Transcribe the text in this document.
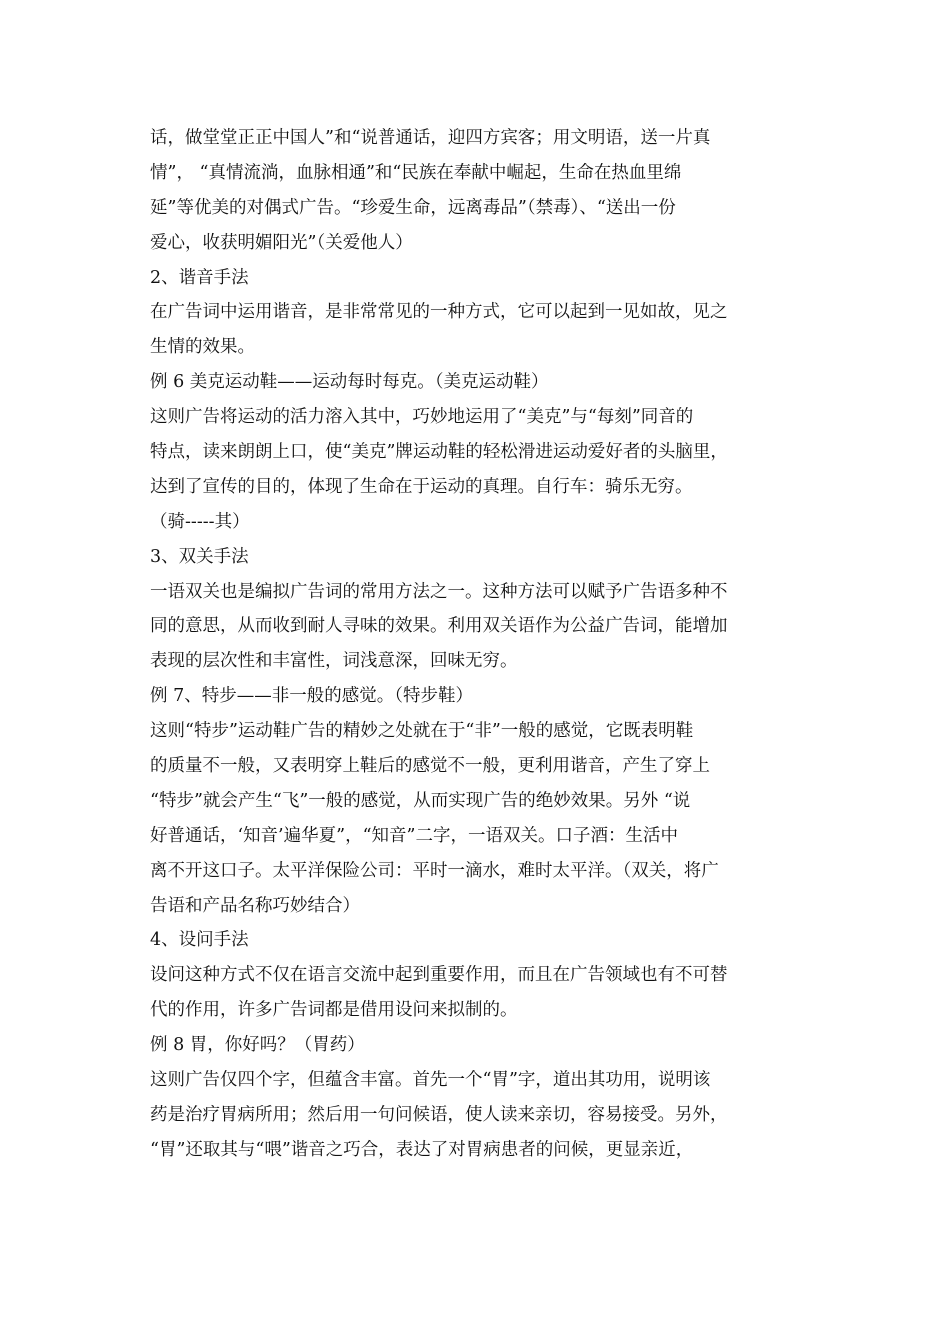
话，做堂堂正正中国人”和“说普通话，迎四方宾客；用文明语，送一片真
情”， “真情流淌，血脉相通”和“民族在奉献中崛起，生命在热血里绵
延”等优美的对偶式广告。“珍爱生命，远离毒品”（禁毒）、“送出一份
爱心，收获明媚阳光”（关爱他人）
2、谐音手法
在广告词中运用谐音，是非常常见的一种方式，它可以起到一见如故，见之
生情的效果。
例 6 美克运动鞋——运动每时每克。（美克运动鞋）
这则广告将运动的活力溶入其中，巧妙地运用了“美克”与“每刻”同音的
特点，读来朗朗上口，使“美克”牌运动鞋的轻松滑进运动爱好者的头脑里，
达到了宣传的目的，体现了生命在于运动的真理。自行车：骑乐无穷。
（骑-----其）
3、双关手法
一语双关也是编拟广告词的常用方法之一。这种方法可以赋予广告语多种不
同的意思，从而收到耐人寻味的效果。利用双关语作为公益广告词，能增加
表现的层次性和丰富性，词浅意深，回味无穷。
例 7、特步——非一般的感觉。（特步鞋）
这则“特步”运动鞋广告的精妙之处就在于“非”一般的感觉，它既表明鞋
的质量不一般，又表明穿上鞋后的感觉不一般，更利用谐音，产生了穿上
“特步”就会产生“飞”一般的感觉，从而实现广告的绝妙效果。另外 “说
好普通话，‘知音’遍华夏”，“知音”二字，一语双关。口子酒：生活中
离不开这口子。太平洋保险公司：平时一滴水，难时太平洋。（双关，将广
告语和产品名称巧妙结合）
4、设问手法
设问这种方式不仅在语言交流中起到重要作用，而且在广告领域也有不可替
代的作用，许多广告词都是借用设问来拟制的。
例 8 胃，你好吗？（胃药）
这则广告仅四个字，但蕴含丰富。首先一个“胃”字，道出其功用，说明该
药是治疗胃病所用；然后用一句问候语，使人读来亲切，容易接受。另外，
“胃”还取其与“喂”谐音之巧合，表达了对胃病患者的问候，更显亲近，
